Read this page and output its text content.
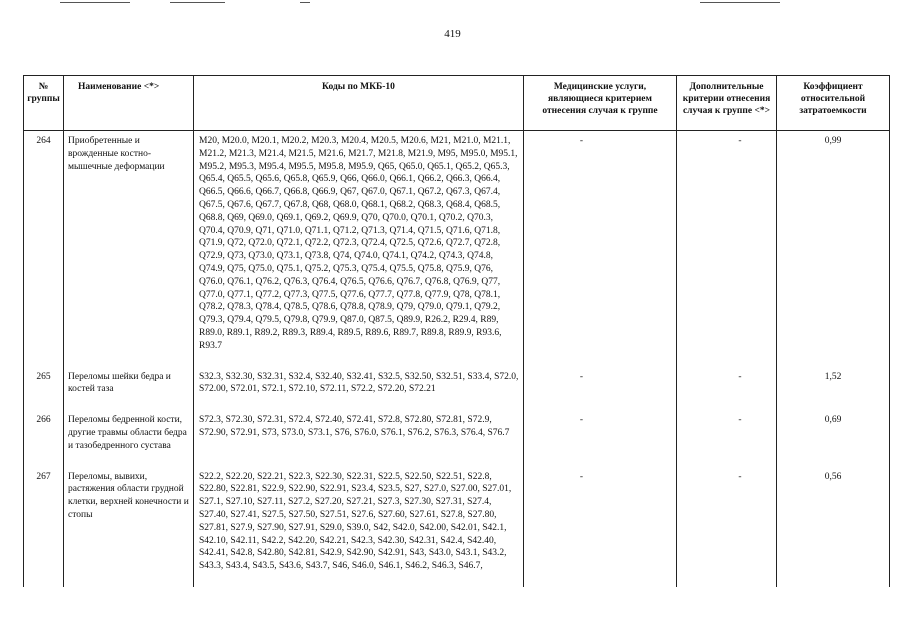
419
№ группы	Наименование <*>	Коды по МКБ-10	Медицинские услуги, являющиеся критерием отнесения случая к группе	Дополнительные критерии отнесения случая к группе <*>	Коэффициент относительной затратоемкости
264	Приобретенные и врожденные костно-мышечные деформации	M20, M20.0, M20.1, M20.2, M20.3, M20.4, M20.5, M20.6, M21, M21.0, M21.1, M21.2, M21.3, M21.4, M21.5, M21.6, M21.7, M21.8, M21.9, M95, M95.0, M95.1, M95.2, M95.3, M95.4, M95.5, M95.8, M95.9, Q65, Q65.0, Q65.1, Q65.2, Q65.3, Q65.4, Q65.5, Q65.6, Q65.8, Q65.9, Q66, Q66.0, Q66.1, Q66.2, Q66.3, Q66.4, Q66.5, Q66.6, Q66.7, Q66.8, Q66.9, Q67, Q67.0, Q67.1, Q67.2, Q67.3, Q67.4, Q67.5, Q67.6, Q67.7, Q67.8, Q68, Q68.0, Q68.1, Q68.2, Q68.3, Q68.4, Q68.5, Q68.8, Q69, Q69.0, Q69.1, Q69.2, Q69.9, Q70, Q70.0, Q70.1, Q70.2, Q70.3, Q70.4, Q70.9, Q71, Q71.0, Q71.1, Q71.2, Q71.3, Q71.4, Q71.5, Q71.6, Q71.8, Q71.9, Q72, Q72.0, Q72.1, Q72.2, Q72.3, Q72.4, Q72.5, Q72.6, Q72.7, Q72.8, Q72.9, Q73, Q73.0, Q73.1, Q73.8, Q74, Q74.0, Q74.1, Q74.2, Q74.3, Q74.8, Q74.9, Q75, Q75.0, Q75.1, Q75.2, Q75.3, Q75.4, Q75.5, Q75.8, Q75.9, Q76, Q76.0, Q76.1, Q76.2, Q76.3, Q76.4, Q76.5, Q76.6, Q76.7, Q76.8, Q76.9, Q77, Q77.0, Q77.1, Q77.2, Q77.3, Q77.5, Q77.6, Q77.7, Q77.8, Q77.9, Q78, Q78.1, Q78.2, Q78.3, Q78.4, Q78.5, Q78.6, Q78.8, Q78.9, Q79, Q79.0, Q79.1, Q79.2, Q79.3, Q79.4, Q79.5, Q79.8, Q79.9, Q87.0, Q87.5, Q89.9, R26.2, R29.4, R89, R89.0, R89.1, R89.2, R89.3, R89.4, R89.5, R89.6, R89.7, R89.8, R89.9, R93.6, R93.7	-	-	0,99
265	Переломы шейки бедра и костей таза	S32.3, S32.30, S32.31, S32.4, S32.40, S32.41, S32.5, S32.50, S32.51, S33.4, S72.0, S72.00, S72.01, S72.1, S72.10, S72.11, S72.2, S72.20, S72.21	-	-	1,52
266	Переломы бедренной кости, другие травмы области бедра и тазобедренного сустава	S72.3, S72.30, S72.31, S72.4, S72.40, S72.41, S72.8, S72.80, S72.81, S72.9, S72.90, S72.91, S73, S73.0, S73.1, S76, S76.0, S76.1, S76.2, S76.3, S76.4, S76.7	-	-	0,69
267	Переломы, вывихи, растяжения области грудной клетки, верхней конечности и стопы	S22.2, S22.20, S22.21, S22.3, S22.30, S22.31, S22.5, S22.50, S22.51, S22.8, S22.80, S22.81, S22.9, S22.90, S22.91, S23.4, S23.5, S27, S27.0, S27.00, S27.01, S27.1, S27.10, S27.11, S27.2, S27.20, S27.21, S27.3, S27.30, S27.31, S27.4, S27.40, S27.41, S27.5, S27.50, S27.51, S27.6, S27.60, S27.61, S27.8, S27.80, S27.81, S27.9, S27.90, S27.91, S29.0, S39.0, S42, S42.0, S42.00, S42.01, S42.1, S42.10, S42.11, S42.2, S42.20, S42.21, S42.3, S42.30, S42.31, S42.4, S42.40, S42.41, S42.8, S42.80, S42.81, S42.9, S42.90, S42.91, S43, S43.0, S43.1, S43.2, S43.3, S43.4, S43.5, S43.6, S43.7, S46, S46.0, S46.1, S46.2, S46.3, S46.7,	-	-	0,56
